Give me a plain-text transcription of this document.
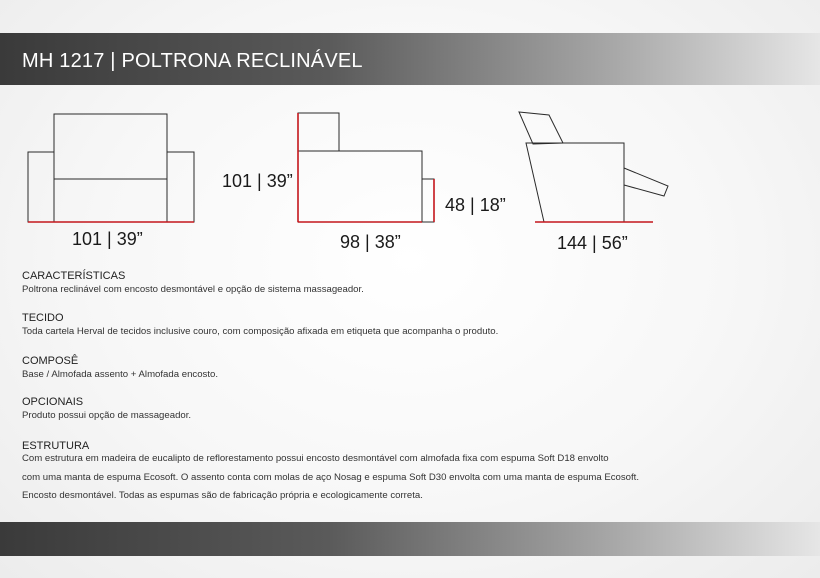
MH 1217 | POLTRONA RECLINÁVEL
101 | 39”
101 | 39”
98 | 38”
48 | 18”
144 | 56”

CARACTERÍSTICAS

Poltrona reclinável com encosto desmontável e opção de sistema massageador.

TECIDO

Toda cartela Herval de tecidos inclusive couro, com composição afixada em etiqueta que acompanha o produto.

COMPOSÊ

Base / Almofada assento + Almofada encosto.

OPCIONAIS

Produto possui opção de massageador.

ESTRUTURA

Com estrutura em madeira de eucalipto de reflorestamento possui encosto desmontável com almofada fixa com espuma Soft D18 envolto
com uma manta de espuma Ecosoft. O assento conta com molas de aço Nosag e espuma Soft D30 envolta com uma manta de espuma Ecosoft.
Encosto desmontável. Todas as espumas são de fabricação própria e ecologicamente correta.
